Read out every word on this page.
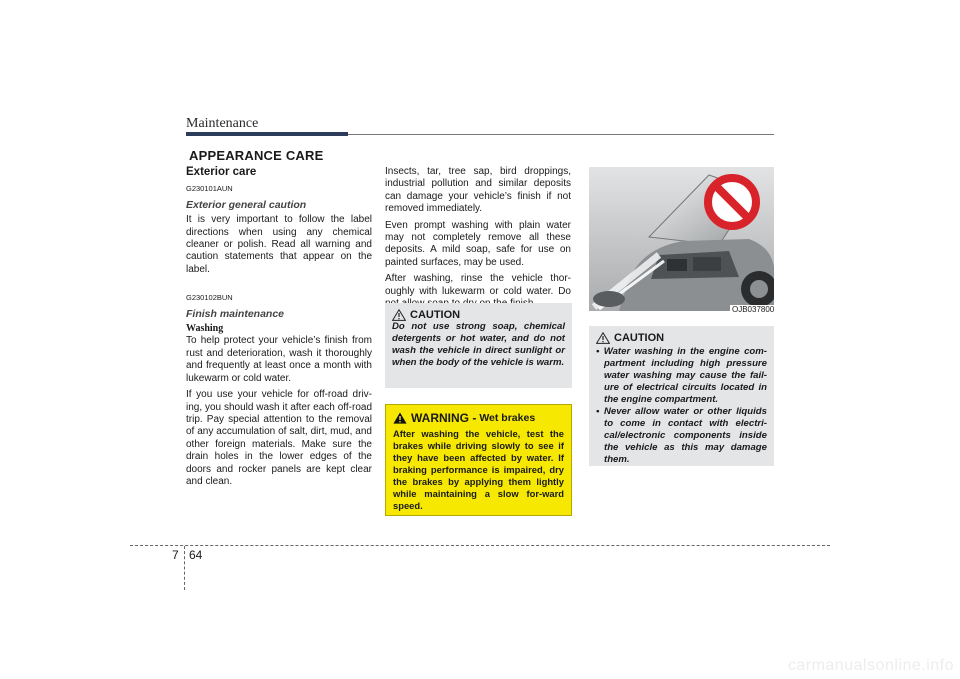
Maintenance
APPEARANCE CARE
Exterior care
G230101AUN
Exterior general caution

It is very important to follow the label directions when using any chemical cleaner or polish. Read all warning and caution statements that appear on the label.

G230102BUN
Finish maintenance
Washing

To help protect your vehicle’s finish from rust and deterioration, wash it thoroughly and frequently at least once a month with lukewarm or cold water.

If you use your vehicle for off-road driv-ing, you should wash it after each off-road trip. Pay special attention to the removal of any accumulation of salt, dirt, mud, and other foreign materials. Make sure the drain holes in the lower edges of the doors and rocker panels are kept clear and clean.

Insects, tar, tree sap, bird droppings, industrial pollution and similar deposits can damage your vehicle’s finish if not removed immediately.

Even prompt washing with plain water may not completely remove all these deposits. A mild soap, safe for use on painted surfaces, may be used.

After washing, rinse the vehicle thor-oughly with lukewarm or cold water. Do

CAUTION
Do not use strong soap, chemical detergents or hot water, and do not wash the vehicle in direct sunlight or when the body of the vehicle is warm.
WARNING - Wet brakes
After washing the vehicle, test the brakes while driving slowly to see if they have been affected by water. If braking performance is impaired, dry the brakes by applying them lightly while maintaining a slow for-ward speed.
OJB037800
CAUTION
• Water washing in the engine com-partment including high pressure water washing may cause the fail-ure of electrical circuits located in the engine compartment.
• Never allow water or other liquids to come in contact with electri-cal/electronic components inside the vehicle as this may damage them.
7 64
carmanualsonline.info
